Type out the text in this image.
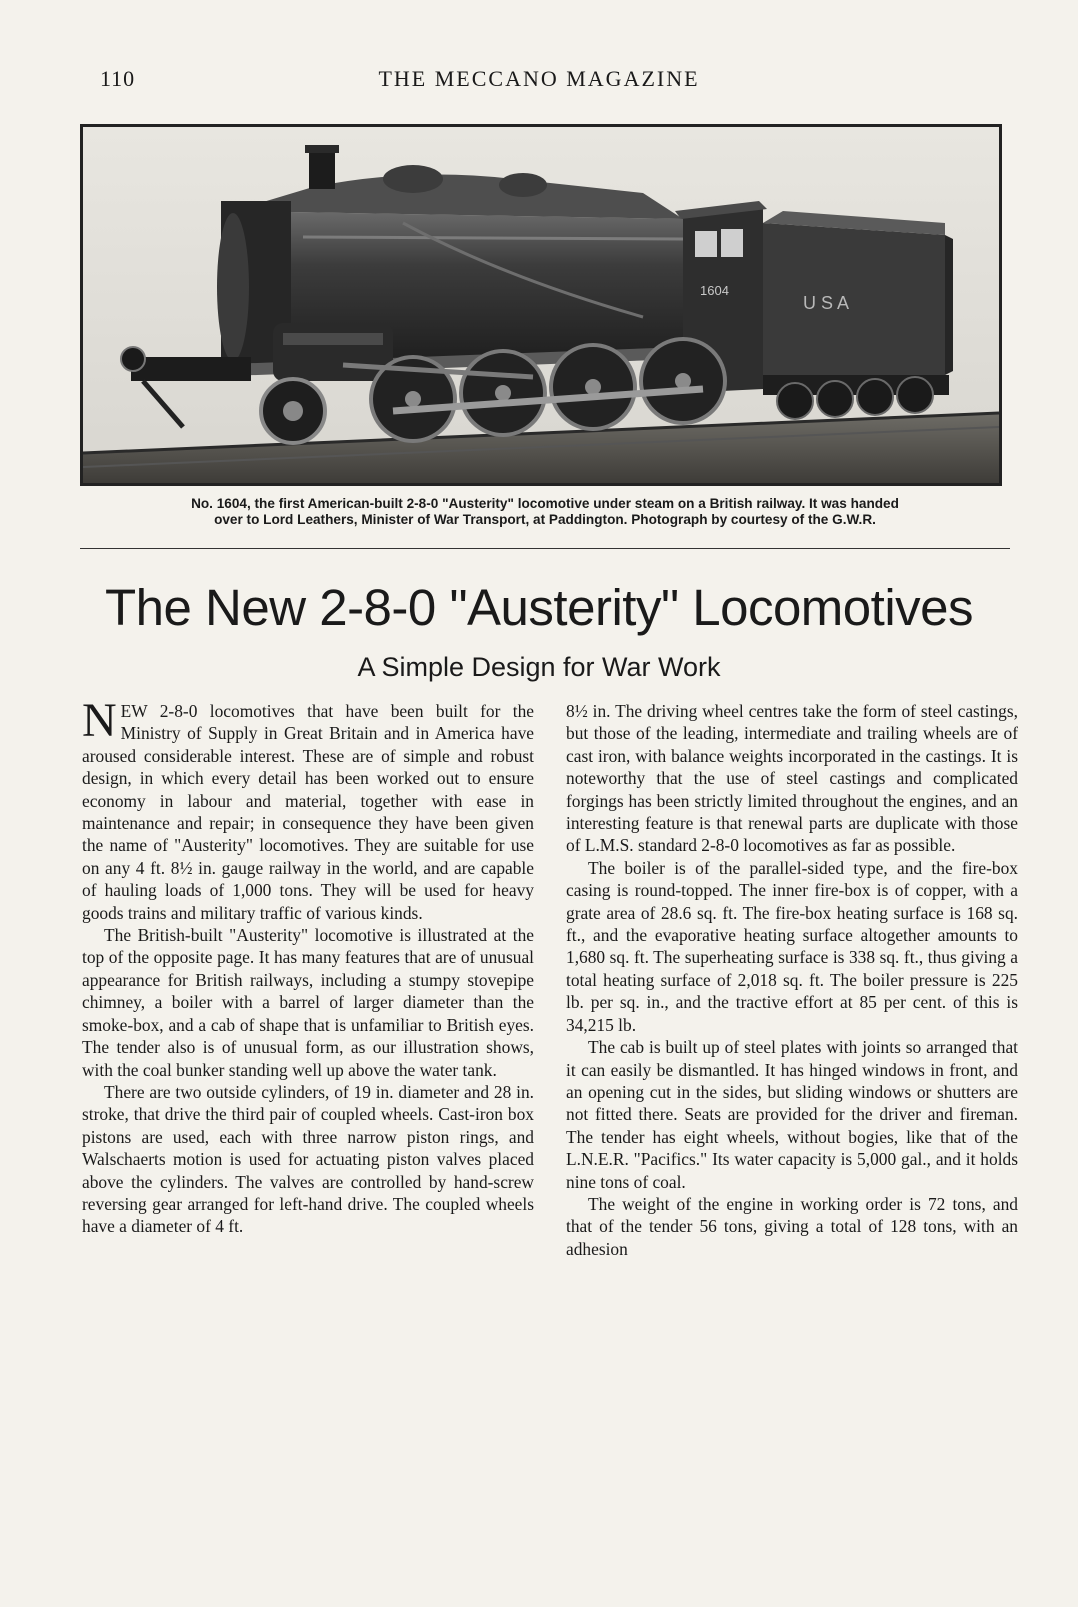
110	THE MECCANO MAGAZINE
U S A
1604
No. 1604, the first American-built 2-8-0 "Austerity" locomotive under steam on a British railway. It was handed
over to Lord Leathers, Minister of War Transport, at Paddington. Photograph by courtesy of the G.W.R.
The New 2-8-0 "Austerity" Locomotives
A Simple Design for War Work

NEW 2-8-0 locomotives that have been built for the Ministry of Supply in Great Britain and in America have aroused considerable interest. These are of simple and robust design, in which every detail has been worked out to ensure economy in labour and material, together with ease in maintenance and repair; in consequence they have been given the name of "Austerity" locomotives. They are suitable for use on any 4 ft. 8½ in. gauge railway in the world, and are capable of hauling loads of 1,000 tons. They will be used for heavy goods trains and military traffic of various kinds.

The British-built "Austerity" locomotive is illustrated at the top of the opposite page. It has many features that are of unusual appearance for British railways, including a stumpy stovepipe chimney, a boiler with a barrel of larger diameter than the smoke-box, and a cab of shape that is unfamiliar to British eyes. The tender also is of unusual form, as our illustration shows, with the coal bunker standing well up above the water tank.

There are two outside cylinders, of 19 in. diameter and 28 in. stroke, that drive the third pair of coupled wheels. Cast-iron box pistons are used, each with three narrow piston rings, and Walschaerts motion is used for actuating piston valves placed above the cylinders. The valves are controlled by hand-screw reversing gear arranged for left-hand drive. The coupled wheels have a diameter of 4 ft.

8½ in. The driving wheel centres take the form of steel castings, but those of the leading, intermediate and trailing wheels are of cast iron, with balance weights incorporated in the castings. It is noteworthy that the use of steel castings and complicated forgings has been strictly limited throughout the engines, and an interesting feature is that renewal parts are duplicate with those of L.M.S. standard 2-8-0 locomotives as far as possible.

The boiler is of the parallel-sided type, and the fire-box casing is round-topped. The inner fire-box is of copper, with a grate area of 28.6 sq. ft. The fire-box heating surface is 168 sq. ft., and the evaporative heating surface altogether amounts to 1,680 sq. ft. The superheating surface is 338 sq. ft., thus giving a total heating surface of 2,018 sq. ft. The boiler pressure is 225 lb. per sq. in., and the tractive effort at 85 per cent. of this is 34,215 lb.

The cab is built up of steel plates with joints so arranged that it can easily be dismantled. It has hinged windows in front, and an opening cut in the sides, but sliding windows or shutters are not fitted there. Seats are provided for the driver and fireman. The tender has eight wheels, without bogies, like that of the L.N.E.R. "Pacifics." Its water capacity is 5,000 gal., and it holds nine tons of coal.

The weight of the engine in working order is 72 tons, and that of the tender 56 tons, giving a total of 128 tons, with an adhesion
